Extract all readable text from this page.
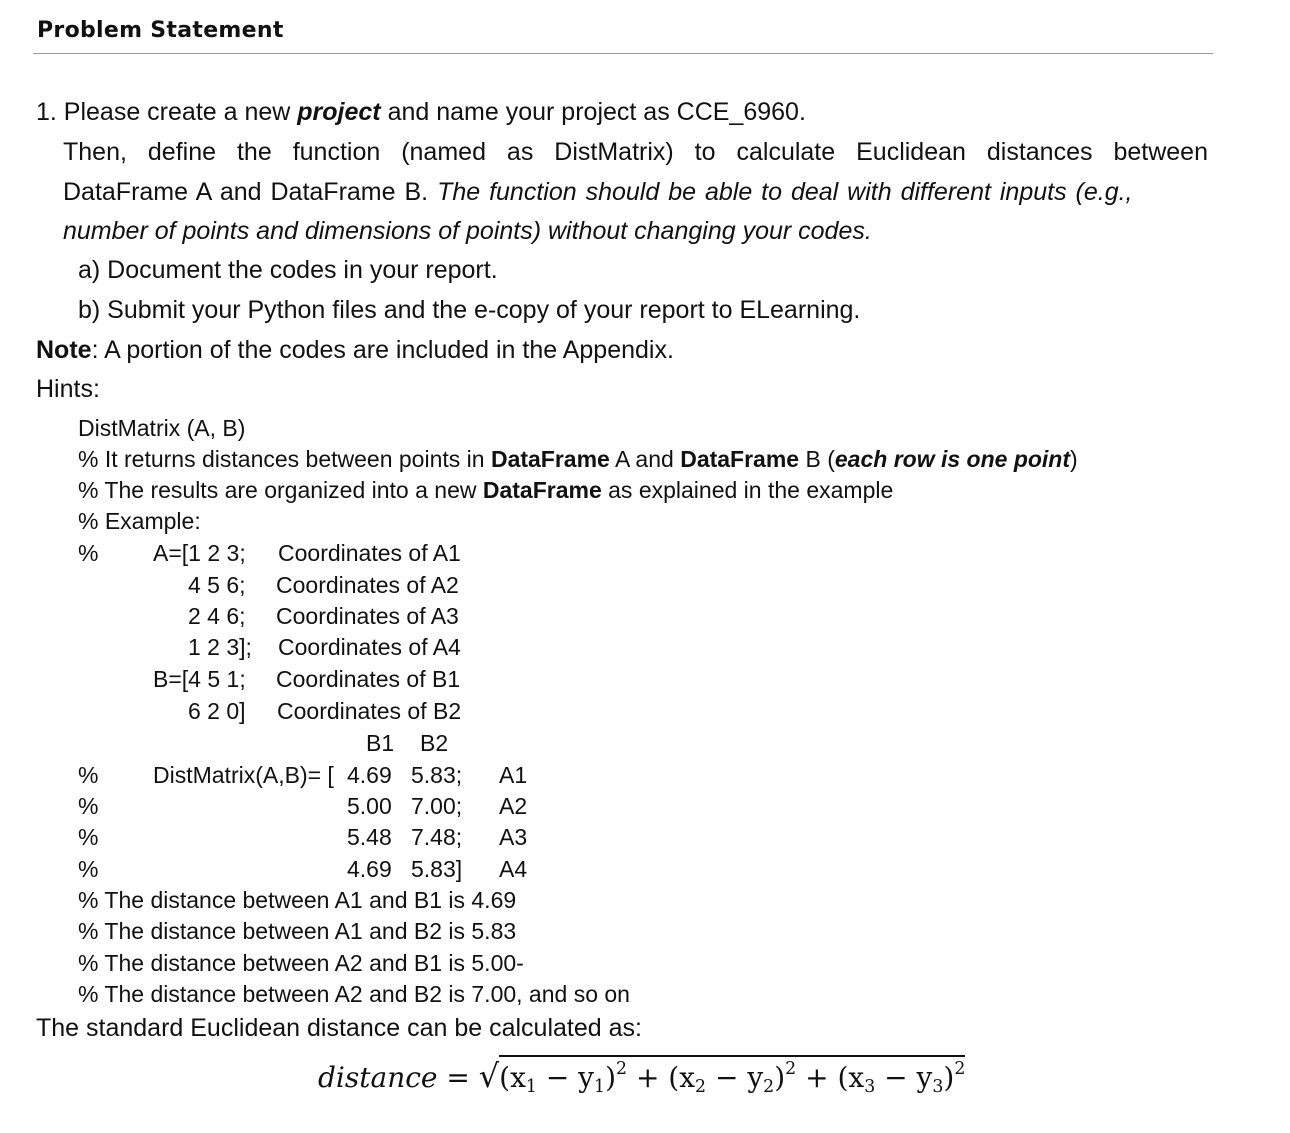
Problem Statement
1. Please create a new project and name your project as CCE_6960.
Then, define the function (named as DistMatrix) to calculate Euclidean distances between
DataFrame A and DataFrame B. The function should be able to deal with different inputs (e.g.,
number of points and dimensions of points) without changing your codes.
a) Document the codes in your report.
b) Submit your Python files and the e-copy of your report to ELearning.
Note: A portion of the codes are included in the Appendix.
Hints:
DistMatrix (A, B)
% It returns distances between points in DataFrame A and DataFrame B (each row is one point)
% The results are organized into a new DataFrame as explained in the example
% Example:
% A=[1 2 3; Coordinates of A1
4 5 6; Coordinates of A2
2 4 6; Coordinates of A3
1 2 3]; Coordinates of A4
B=[4 5 1; Coordinates of B1
6 2 0] Coordinates of B2
B1 B2
% DistMatrix(A,B)= [ 4.69 5.83; A1
%	5.00 7.00; A2
%	5.48 7.48; A3
%	4.69 5.83] A4
% The distance between A1 and B1 is 4.69
% The distance between A1 and B2 is 5.83
% The distance between A2 and B1 is 5.00-
% The distance between A2 and B2 is 7.00, and so on
The standard Euclidean distance can be calculated as:
distance = $√(x_1 - y_1)^2 + (x_2 - y_2)^2 + (x_3 - y_3)^2$
